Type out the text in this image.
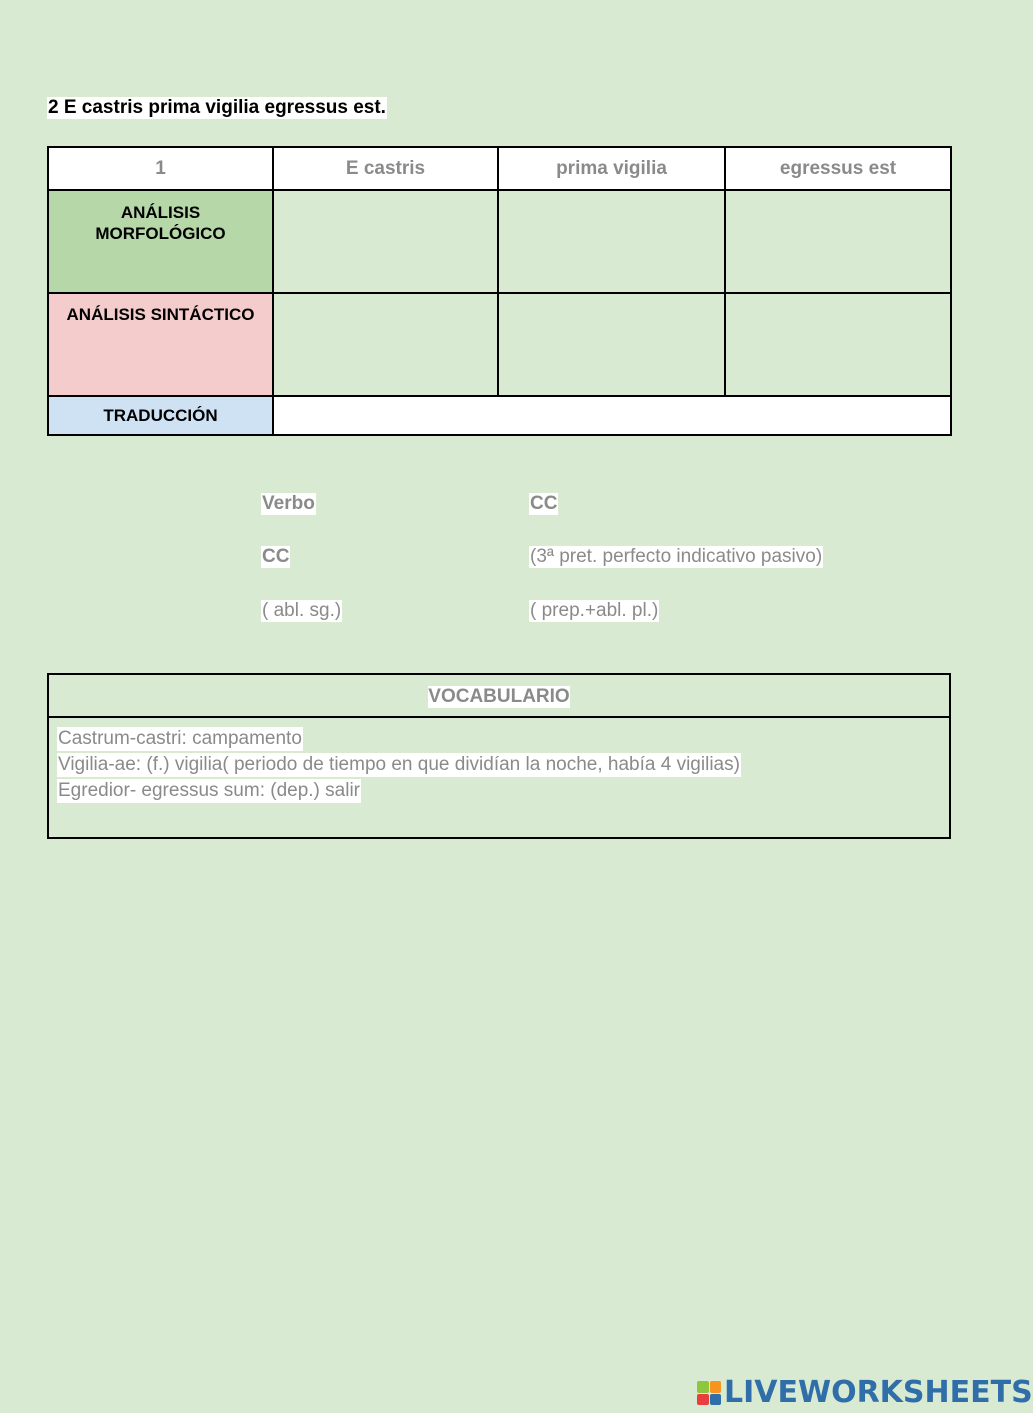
2 E castris prima vigilia egressus est.
1	E castris	prima vigilia	egressus est

ANÁLISIS MORFOLÓGICO			

ANÁLISIS SINTÁCTICO			

TRADUCCIÓN			
Verbo	CC
CC	(3ª pret. perfecto indicativo pasivo)
( abl. sg.)	( prep.+abl. pl.)
VOCABULARIO
Castrum-castri: campamento
Vigilia-ae: (f.) vigilia( periodo de tiempo en que dividían la noche, había 4 vigilias)
Egredior- egressus sum: (dep.) salir
LIVEWORKSHEETS
